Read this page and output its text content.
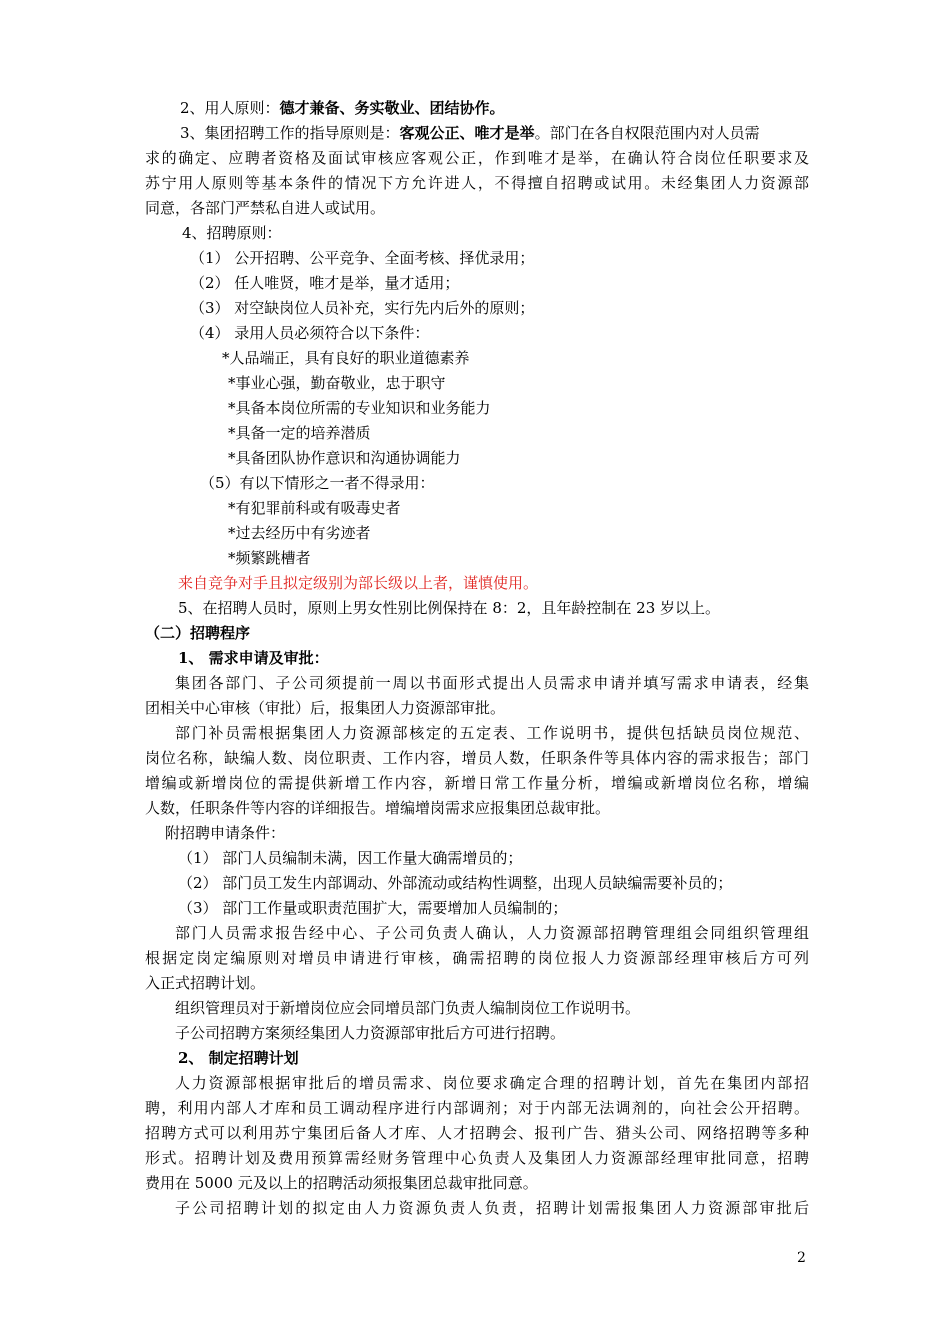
2、用人原则：德才兼备、务实敬业、团结协作。
3、集团招聘工作的指导原则是：客观公正、唯才是举。部门在各自权限范围内对人员需
求的确定、应聘者资格及面试审核应客观公正，作到唯才是举，在确认符合岗位任职要求及
苏宁用人原则等基本条件的情况下方允许进人，不得擅自招聘或试用。未经集团人力资源部
同意，各部门严禁私自进人或试用。
4、招聘原则：
（1） 公开招聘、公平竞争、全面考核、择优录用；
（2） 任人唯贤，唯才是举，量才适用；
（3） 对空缺岗位人员补充，实行先内后外的原则；
（4） 录用人员必须符合以下条件：
*人品端正，具有良好的职业道德素养
*事业心强，勤奋敬业，忠于职守
*具备本岗位所需的专业知识和业务能力
*具备一定的培养潜质
*具备团队协作意识和沟通协调能力
（5）有以下情形之一者不得录用：
*有犯罪前科或有吸毒史者
*过去经历中有劣迹者
*频繁跳槽者
来自竞争对手且拟定级别为部长级以上者，谨慎使用。
5、在招聘人员时，原则上男女性别比例保持在 8：2，且年龄控制在 23 岁以上。
（二）招聘程序
1、 需求申请及审批：
集团各部门、子公司须提前一周以书面形式提出人员需求申请并填写需求申请表，经集
团相关中心审核（审批）后，报集团人力资源部审批。
部门补员需根据集团人力资源部核定的五定表、工作说明书，提供包括缺员岗位规范、
岗位名称，缺编人数、岗位职责、工作内容，增员人数，任职条件等具体内容的需求报告；部门
增编或新增岗位的需提供新增工作内容，新增日常工作量分析，增编或新增岗位名称，增编
人数，任职条件等内容的详细报告。增编增岗需求应报集团总裁审批。
附招聘申请条件：
（1） 部门人员编制未满，因工作量大确需增员的；
（2） 部门员工发生内部调动、外部流动或结构性调整，出现人员缺编需要补员的；
（3） 部门工作量或职责范围扩大，需要增加人员编制的；
部门人员需求报告经中心、子公司负责人确认，人力资源部招聘管理组会同组织管理组
根据定岗定编原则对增员申请进行审核，确需招聘的岗位报人力资源部经理审核后方可列
入正式招聘计划。
组织管理员对于新增岗位应会同增员部门负责人编制岗位工作说明书。
子公司招聘方案须经集团人力资源部审批后方可进行招聘。
2、 制定招聘计划
人力资源部根据审批后的增员需求、岗位要求确定合理的招聘计划，首先在集团内部招
聘，利用内部人才库和员工调动程序进行内部调剂；对于内部无法调剂的，向社会公开招聘。
招聘方式可以利用苏宁集团后备人才库、人才招聘会、报刊广告、猎头公司、网络招聘等多种
形式。招聘计划及费用预算需经财务管理中心负责人及集团人力资源部经理审批同意，招聘
费用在 5000 元及以上的招聘活动须报集团总裁审批同意。
子公司招聘计划的拟定由人力资源负责人负责，招聘计划需报集团人力资源部审批后
2
